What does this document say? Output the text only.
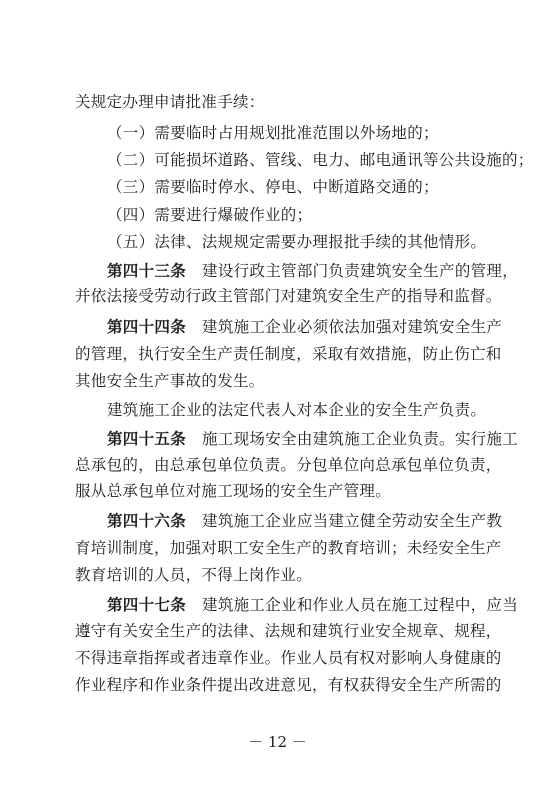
关规定办理申请批准手续：
（一）需要临时占用规划批准范围以外场地的；
（二）可能损坏道路、管线、电力、邮电通讯等公共设施的；
（三）需要临时停水、停电、中断道路交通的；
（四）需要进行爆破作业的；
（五）法律、法规规定需要办理报批手续的其他情形。
第四十三条 建设行政主管部门负责建筑安全生产的管理，
并依法接受劳动行政主管部门对建筑安全生产的指导和监督。
第四十四条 建筑施工企业必须依法加强对建筑安全生产
的管理，执行安全生产责任制度，采取有效措施，防止伤亡和
其他安全生产事故的发生。
建筑施工企业的法定代表人对本企业的安全生产负责。
第四十五条 施工现场安全由建筑施工企业负责。实行施工
总承包的，由总承包单位负责。分包单位向总承包单位负责，
服从总承包单位对施工现场的安全生产管理。
第四十六条 建筑施工企业应当建立健全劳动安全生产教
育培训制度，加强对职工安全生产的教育培训；未经安全生产
教育培训的人员，不得上岗作业。
第四十七条 建筑施工企业和作业人员在施工过程中，应当
遵守有关安全生产的法律、法规和建筑行业安全规章、规程，
不得违章指挥或者违章作业。作业人员有权对影响人身健康的
作业程序和作业条件提出改进意见，有权获得安全生产所需的
－ 12 －
